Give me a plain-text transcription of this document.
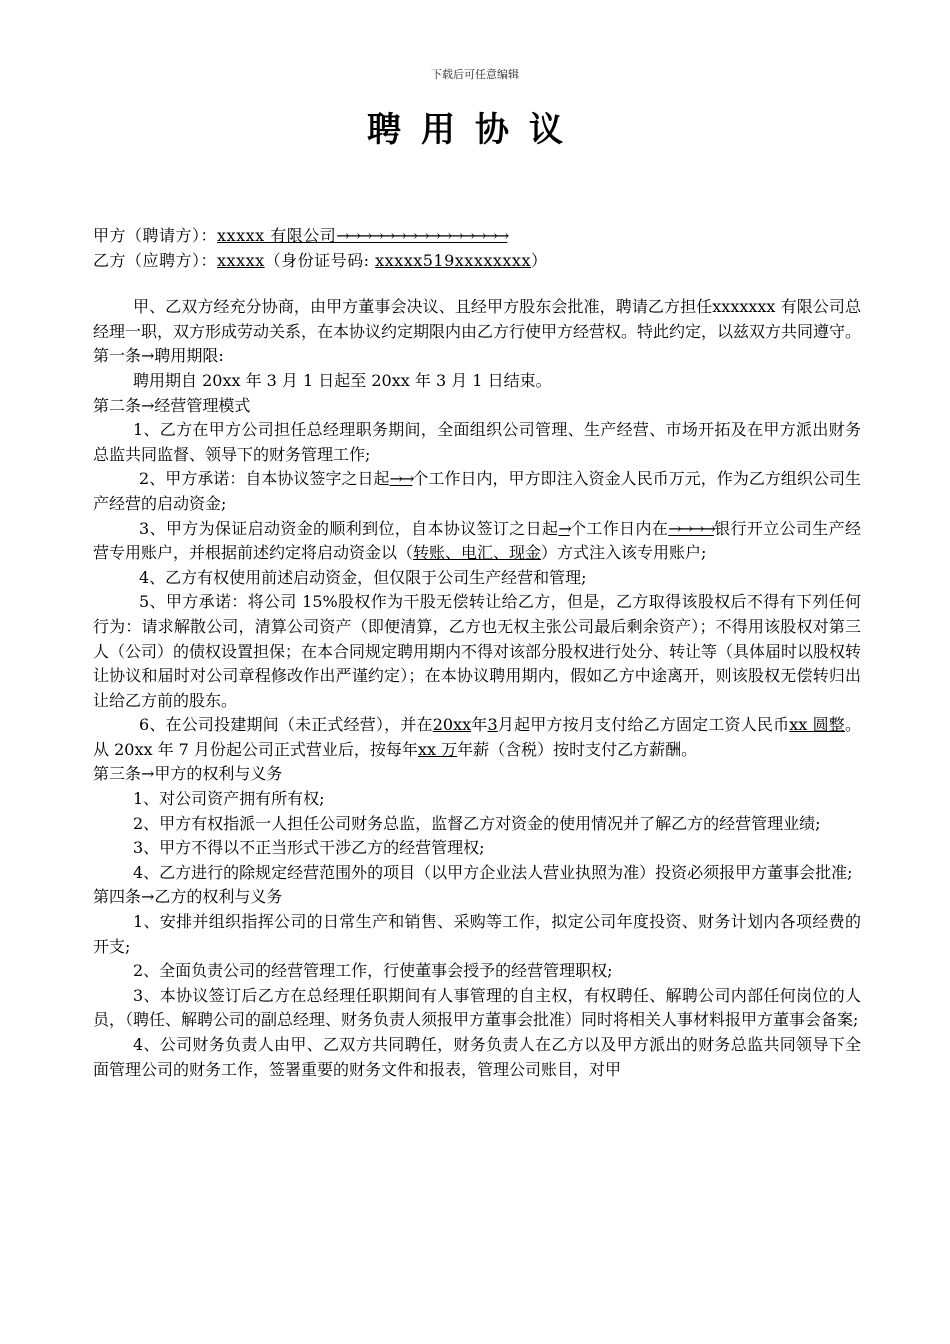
下载后可任意编辑
聘用协议
甲方（聘请方）：xxxxx 有限公司→→→→→→→→→→→→→→→
乙方（应聘方）：xxxxx（身份证号码: xxxxx519xxxxxxxx）
甲、乙双方经充分协商，由甲方董事会决议、且经甲方股东会批准，聘请乙方担任xxxxxxx 有限公司总经理一职，双方形成劳动关系，在本协议约定期限内由乙方行使甲方经营权。特此约定，以兹双方共同遵守。
第一条→聘用期限:
聘用期自 20xx 年 3 月 1 日起至 20xx 年 3 月 1 日结束。
第二条→经营管理模式
1、乙方在甲方公司担任总经理职务期间，全面组织公司管理、生产经营、市场开拓及在甲方派出财务总监共同监督、领导下的财务管理工作;
2、甲方承诺：自本协议签字之日起→→个工作日内，甲方即注入资金人民币万元，作为乙方组织公司生产经营的启动资金;
3、甲方为保证启动资金的顺利到位，自本协议签订之日起→个工作日内在→→→→银行开立公司生产经营专用账户，并根据前述约定将启动资金以（转账、电汇、现金）方式注入该专用账户;
4、乙方有权使用前述启动资金，但仅限于公司生产经营和管理;
5、甲方承诺：将公司 15%股权作为干股无偿转让给乙方，但是，乙方取得该股权后不得有下列任何行为：请求解散公司，清算公司资产（即便清算，乙方也无权主张公司最后剩余资产）；不得用该股权对第三人（公司）的债权设置担保；在本合同规定聘用期内不得对该部分股权进行处分、转让等（具体届时以股权转让协议和届时对公司章程修改作出严谨约定）；在本协议聘用期内，假如乙方中途离开，则该股权无偿转归出让给乙方前的股东。
6、在公司投建期间（未正式经营），并在20xx年3月起甲方按月支付给乙方固定工资人民币xx 圆整。从 20xx 年 7 月份起公司正式营业后，按每年xx 万年薪（含税）按时支付乙方薪酬。
第三条→甲方的权利与义务
1、对公司资产拥有所有权;
2、甲方有权指派一人担任公司财务总监，监督乙方对资金的使用情况并了解乙方的经营管理业绩;
3、甲方不得以不正当形式干涉乙方的经营管理权;
4、乙方进行的除规定经营范围外的项目（以甲方企业法人营业执照为准）投资必须报甲方董事会批准;
第四条→乙方的权利与义务
1、安排并组织指挥公司的日常生产和销售、采购等工作，拟定公司年度投资、财务计划内各项经费的开支;
2、全面负责公司的经营管理工作，行使董事会授予的经营管理职权;
3、本协议签订后乙方在总经理任职期间有人事管理的自主权，有权聘任、解聘公司内部任何岗位的人员，（聘任、解聘公司的副总经理、财务负责人须报甲方董事会批准）同时将相关人事材料报甲方董事会备案;
4、公司财务负责人由甲、乙双方共同聘任，财务负责人在乙方以及甲方派出的财务总监共同领导下全面管理公司的财务工作，签署重要的财务文件和报表，管理公司账目，对甲
